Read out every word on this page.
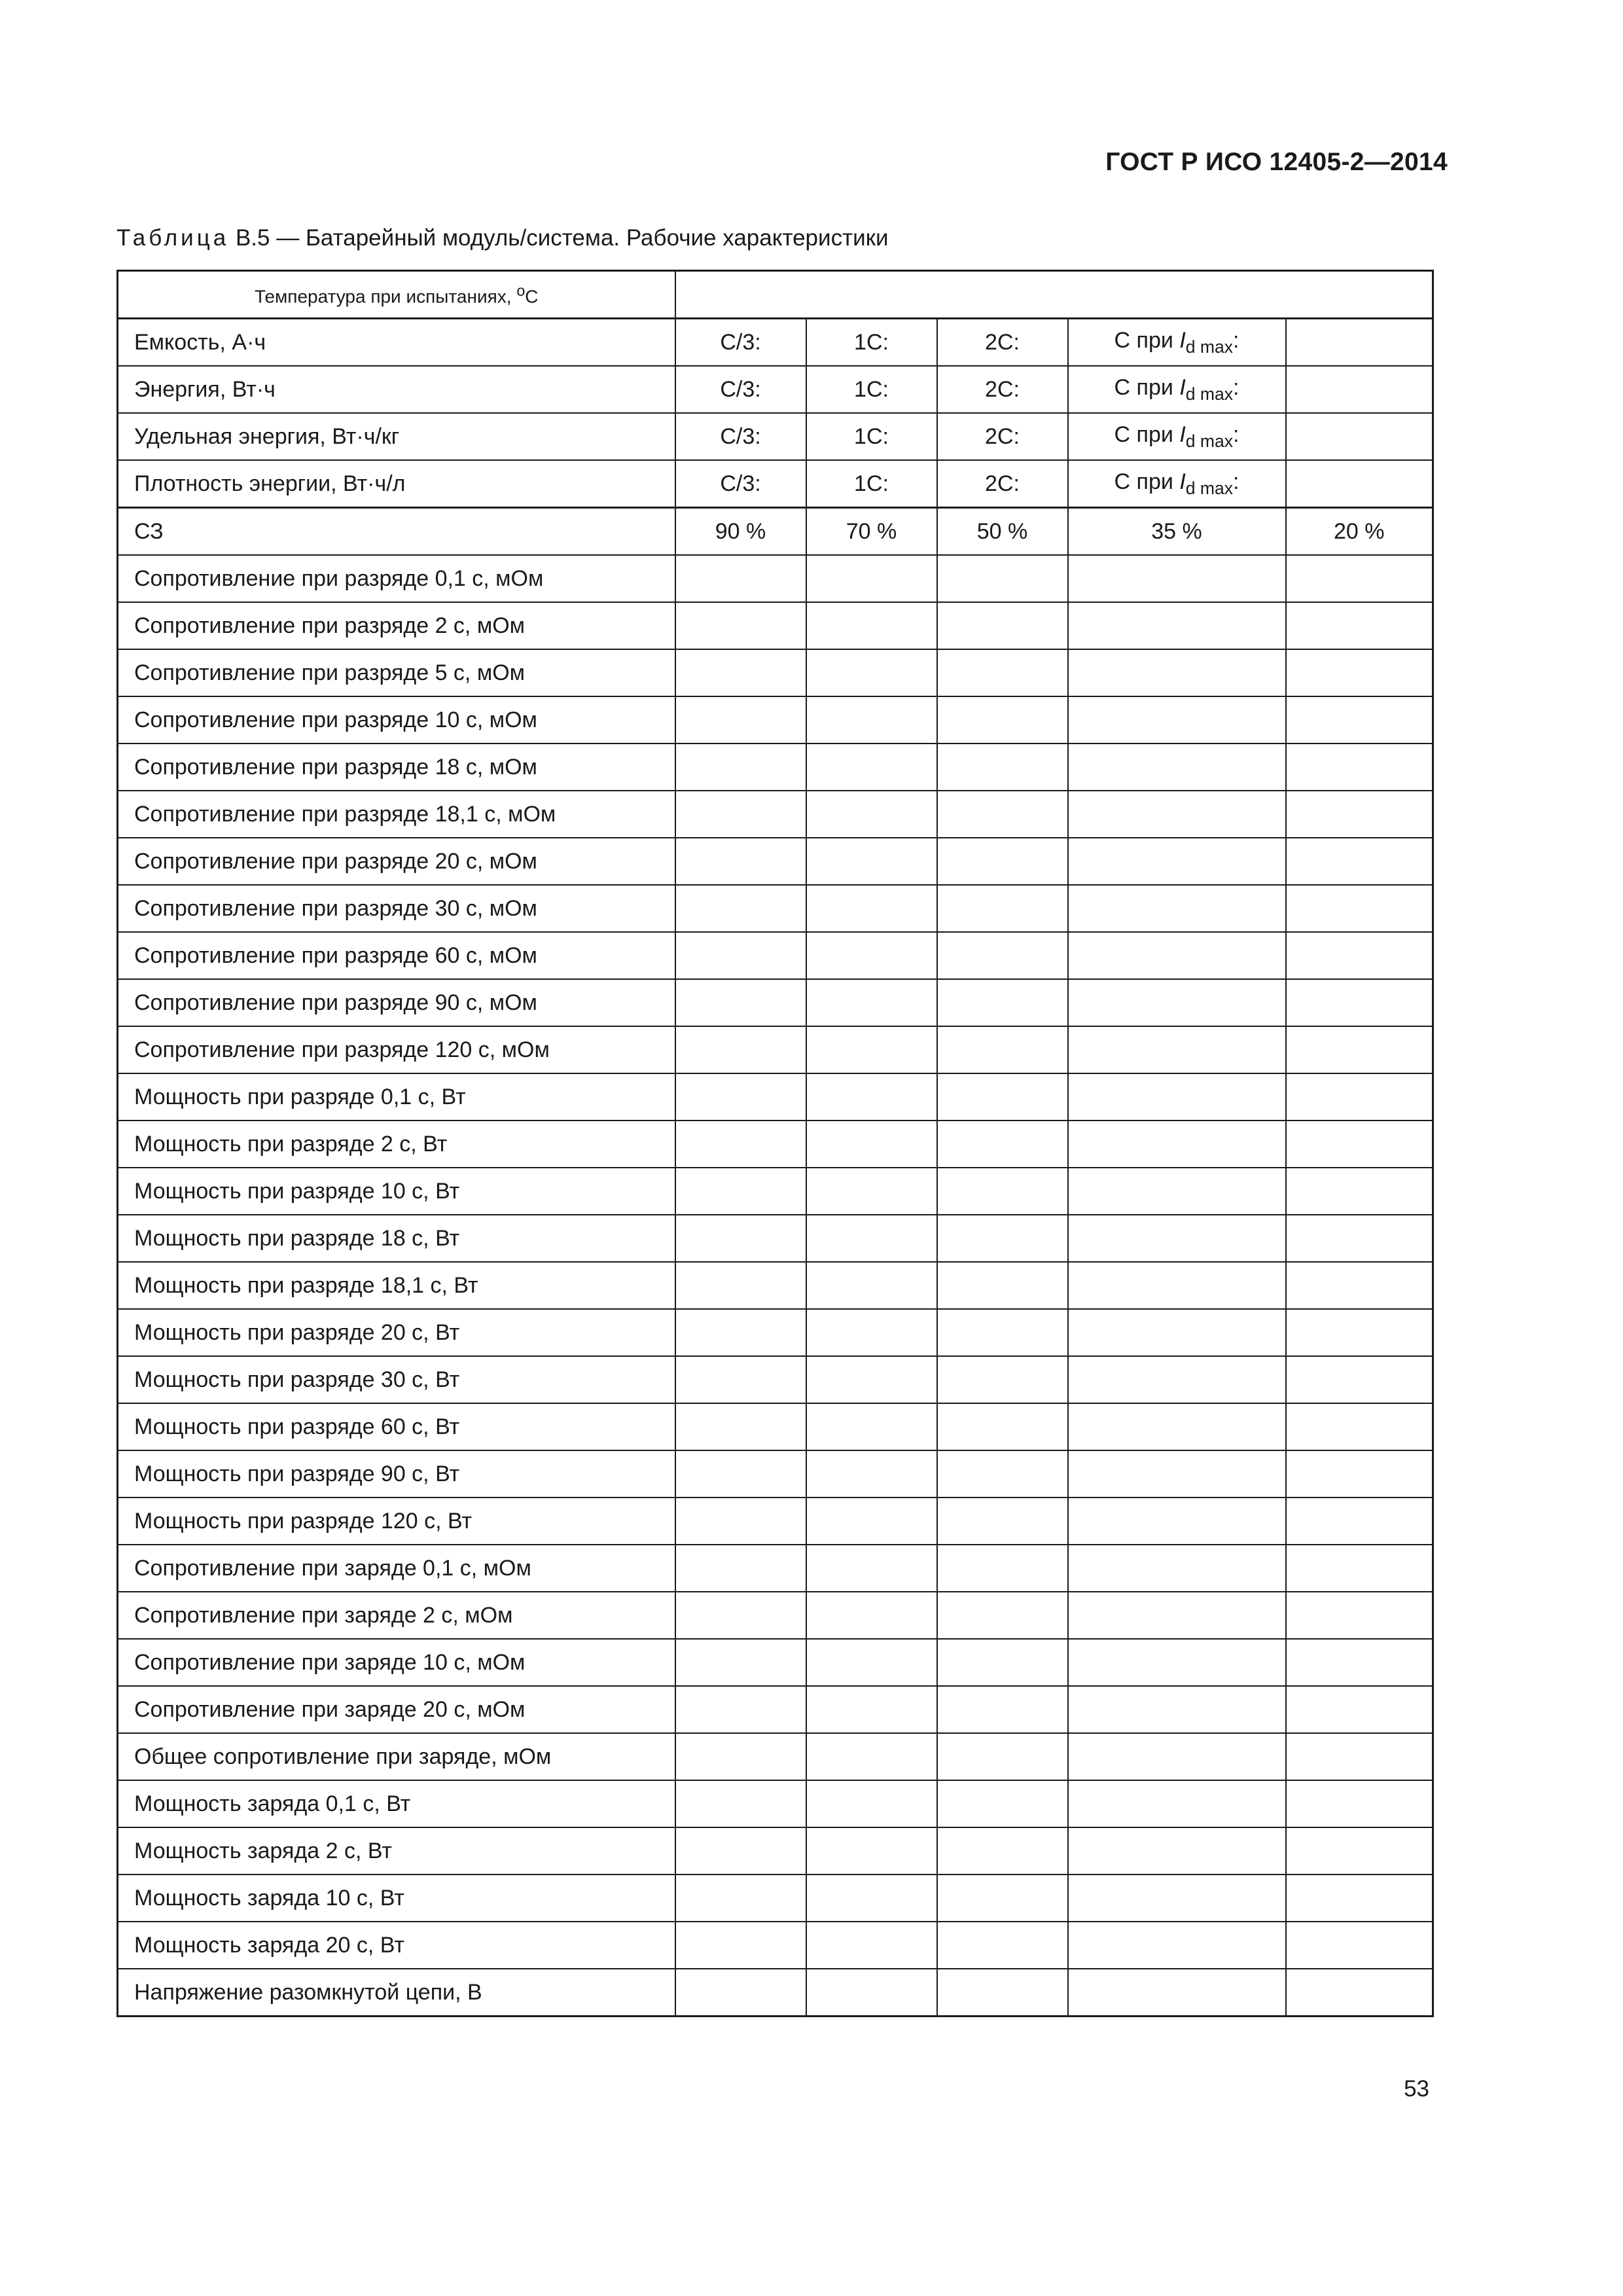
ГОСТ Р ИСО 12405-2—2014
Таблица В.5 — Батарейный модуль/система. Рабочие характеристики
Температура при испытаниях, $^о$С					
Емкость, А·ч	С/3:	1С:	2С:	С при $I_{d max}$:	
Энергия, Вт·ч	С/3:	1С:	2С:	С при $I_{d max}$:	
Удельная энергия, Вт·ч/кг	С/3:	1С:	2С:	С при $I_{d max}$:	
Плотность энергии, Вт·ч/л	С/3:	1С:	2С:	С при $I_{d max}$:	
СЗ	90 %	70 %	50 %	35 %	20 %
Сопротивление при разряде 0,1 с, мОм					
Сопротивление при разряде 2 с, мОм					
Сопротивление при разряде 5 с, мОм					
Сопротивление при разряде 10 с, мОм					
Сопротивление при разряде 18 с, мОм					
Сопротивление при разряде 18,1 с, мОм					
Сопротивление при разряде 20 с, мОм					
Сопротивление при разряде 30 с, мОм					
Сопротивление при разряде 60 с, мОм					
Сопротивление при разряде 90 с, мОм					
Сопротивление при разряде 120 с, мОм					
Мощность при разряде 0,1 с, Вт					
Мощность при разряде 2 с, Вт					
Мощность при разряде 10 с, Вт					
Мощность при разряде 18 с, Вт					
Мощность при разряде 18,1 с, Вт					
Мощность при разряде 20 с, Вт					
Мощность при разряде 30 с, Вт					
Мощность при разряде 60 с, Вт					
Мощность при разряде 90 с, Вт					
Мощность при разряде 120 с, Вт					
Сопротивление при заряде 0,1 с, мОм					
Сопротивление при заряде 2 с, мОм					
Сопротивление при заряде 10 с, мОм					
Сопротивление при заряде 20 с, мОм					
Общее сопротивление при заряде, мОм					
Мощность заряда 0,1 с, Вт					
Мощность заряда 2 с, Вт					
Мощность заряда 10 с, Вт					
Мощность заряда 20 с, Вт					
Напряжение разомкнутой цепи, В					
53
